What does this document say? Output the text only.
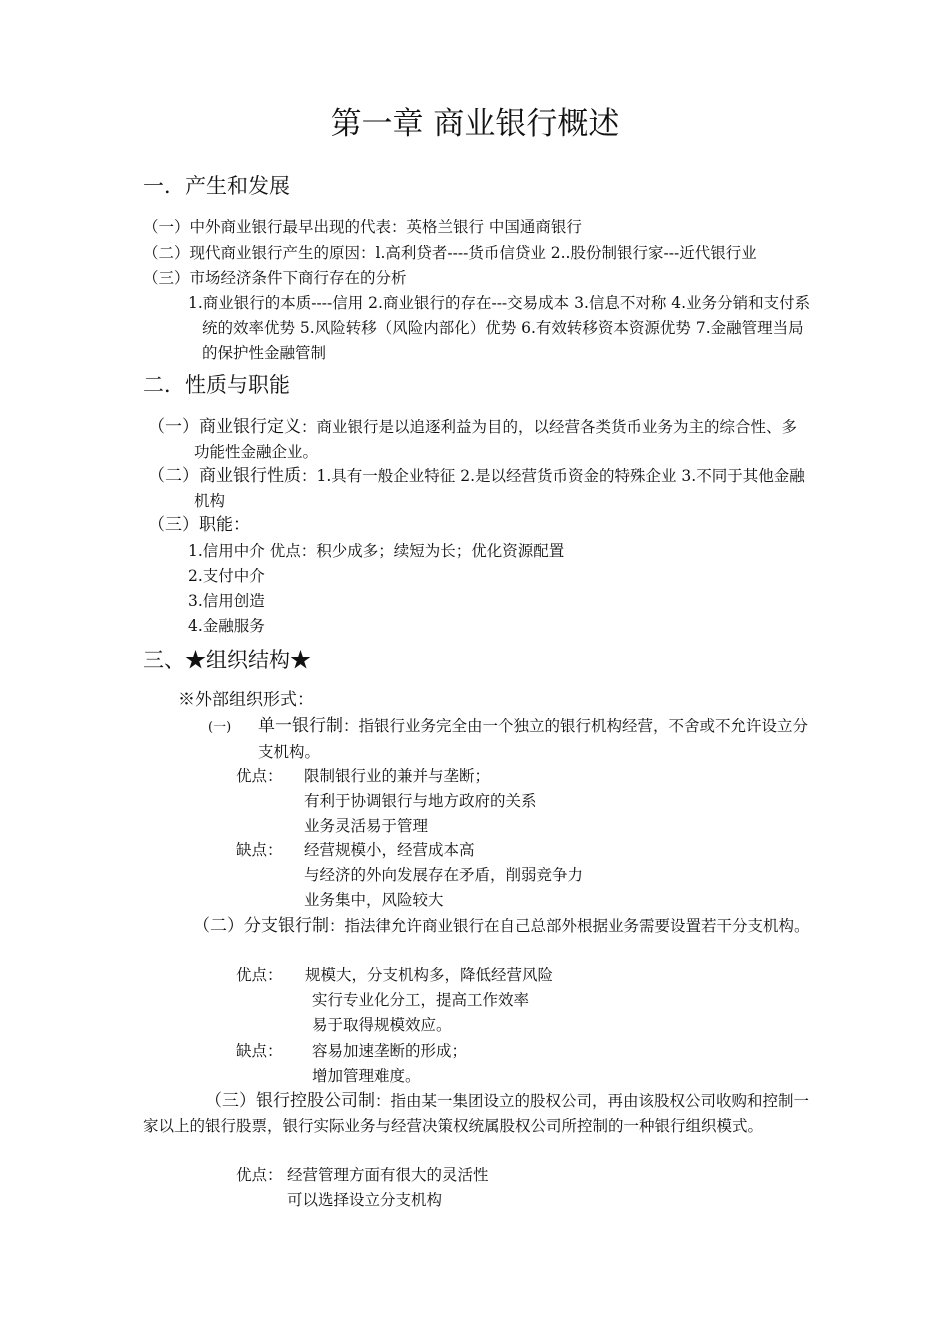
第一章 商业银行概述
一．产生和发展
（一）中外商业银行最早出现的代表：英格兰银行 中国通商银行
（二）现代商业银行产生的原因：l.高利贷者----货币信贷业 2..股份制银行家---近代银行业
（三）市场经济条件下商行存在的分析
1.商业银行的本质----信用 2.商业银行的存在---交易成本 3.信息不对称 4.业务分销和支付系统的效率优势 5.风险转移（风险内部化）优势 6.有效转移资本资源优势 7.金融管理当局的保护性金融管制
二．性质与职能
（一）商业银行定义：商业银行是以追逐利益为目的，以经营各类货币业务为主的综合性、多功能性金融企业。
（二）商业银行性质：1.具有一般企业特征 2.是以经营货币资金的特殊企业 3.不同于其他金融机构
（三）职能：
1.信用中介 优点：积少成多；续短为长；优化资源配置
2.支付中介
3.信用创造
4.金融服务
三、★组织结构★
※外部组织形式：
(一) 单一银行制：指银行业务完全由一个独立的银行机构经营，不舍或不允许设立分支机构。
优点： 限制银行业的兼并与垄断；
有利于协调银行与地方政府的关系
业务灵活易于管理
缺点： 经营规模小，经营成本高
与经济的外向发展存在矛盾，削弱竞争力
业务集中，风险较大
（二）分支银行制：指法律允许商业银行在自己总部外根据业务需要设置若干分支机构。
优点： 规模大，分支机构多，降低经营风险
实行专业化分工，提高工作效率
易于取得规模效应。
缺点： 容易加速垄断的形成；
增加管理难度。
（三）银行控股公司制：指由某一集团设立的股权公司，再由该股权公司收购和控制一家以上的银行股票，银行实际业务与经营决策权统属股权公司所控制的一种银行组织模式。
优点： 经营管理方面有很大的灵活性
可以选择设立分支机构
